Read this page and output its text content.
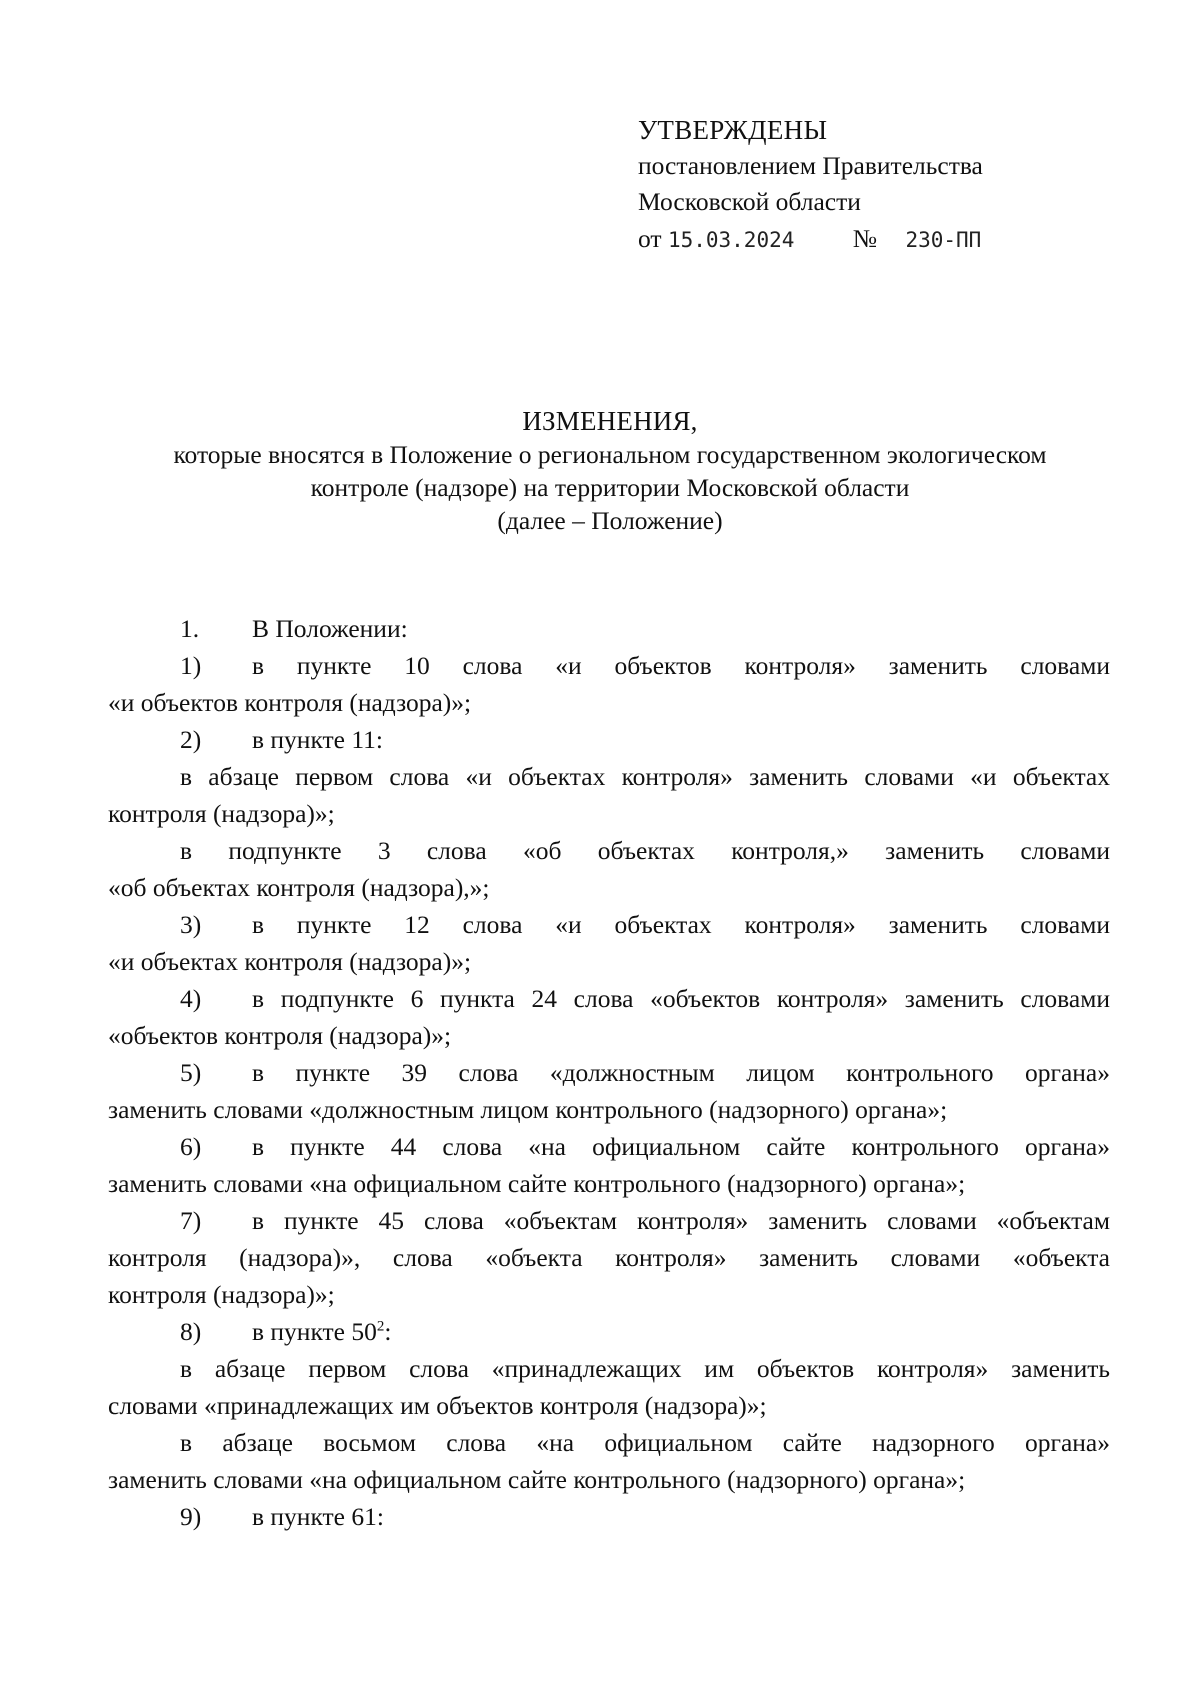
УТВЕРЖДЕНЫ
постановлением Правительства
Московской области
от 15.03.2024 № 230-ПП
ИЗМЕНЕНИЯ,
которые вносятся в Положение о региональном государственном экологическом
контроле (надзоре) на территории Московской области
(далее – Положение)
1. В Положении:
1) в пункте 10 слова «и объектов контроля» заменить словами
«и объектов контроля (надзора)»;
2) в пункте 11:
в абзаце первом слова «и объектах контроля» заменить словами «и объектах
контроля (надзора)»;
в подпункте 3 слова «об объектах контроля,» заменить словами
«об объектах контроля (надзора),»;
3) в пункте 12 слова «и объектах контроля» заменить словами
«и объектах контроля (надзора)»;
4) в подпункте 6 пункта 24 слова «объектов контроля» заменить словами
«объектов контроля (надзора)»;
5) в пункте 39 слова «должностным лицом контрольного органа»
заменить словами «должностным лицом контрольного (надзорного) органа»;
6) в пункте 44 слова «на официальном сайте контрольного органа»
заменить словами «на официальном сайте контрольного (надзорного) органа»;
7) в пункте 45 слова «объектам контроля» заменить словами «объектам
контроля (надзора)», слова «объекта контроля» заменить словами «объекта
контроля (надзора)»;
8) в пункте $50^2$:
в абзаце первом слова «принадлежащих им объектов контроля» заменить
словами «принадлежащих им объектов контроля (надзора)»;
в абзаце восьмом слова «на официальном сайте надзорного органа»
заменить словами «на официальном сайте контрольного (надзорного) органа»;
9) в пункте 61:
